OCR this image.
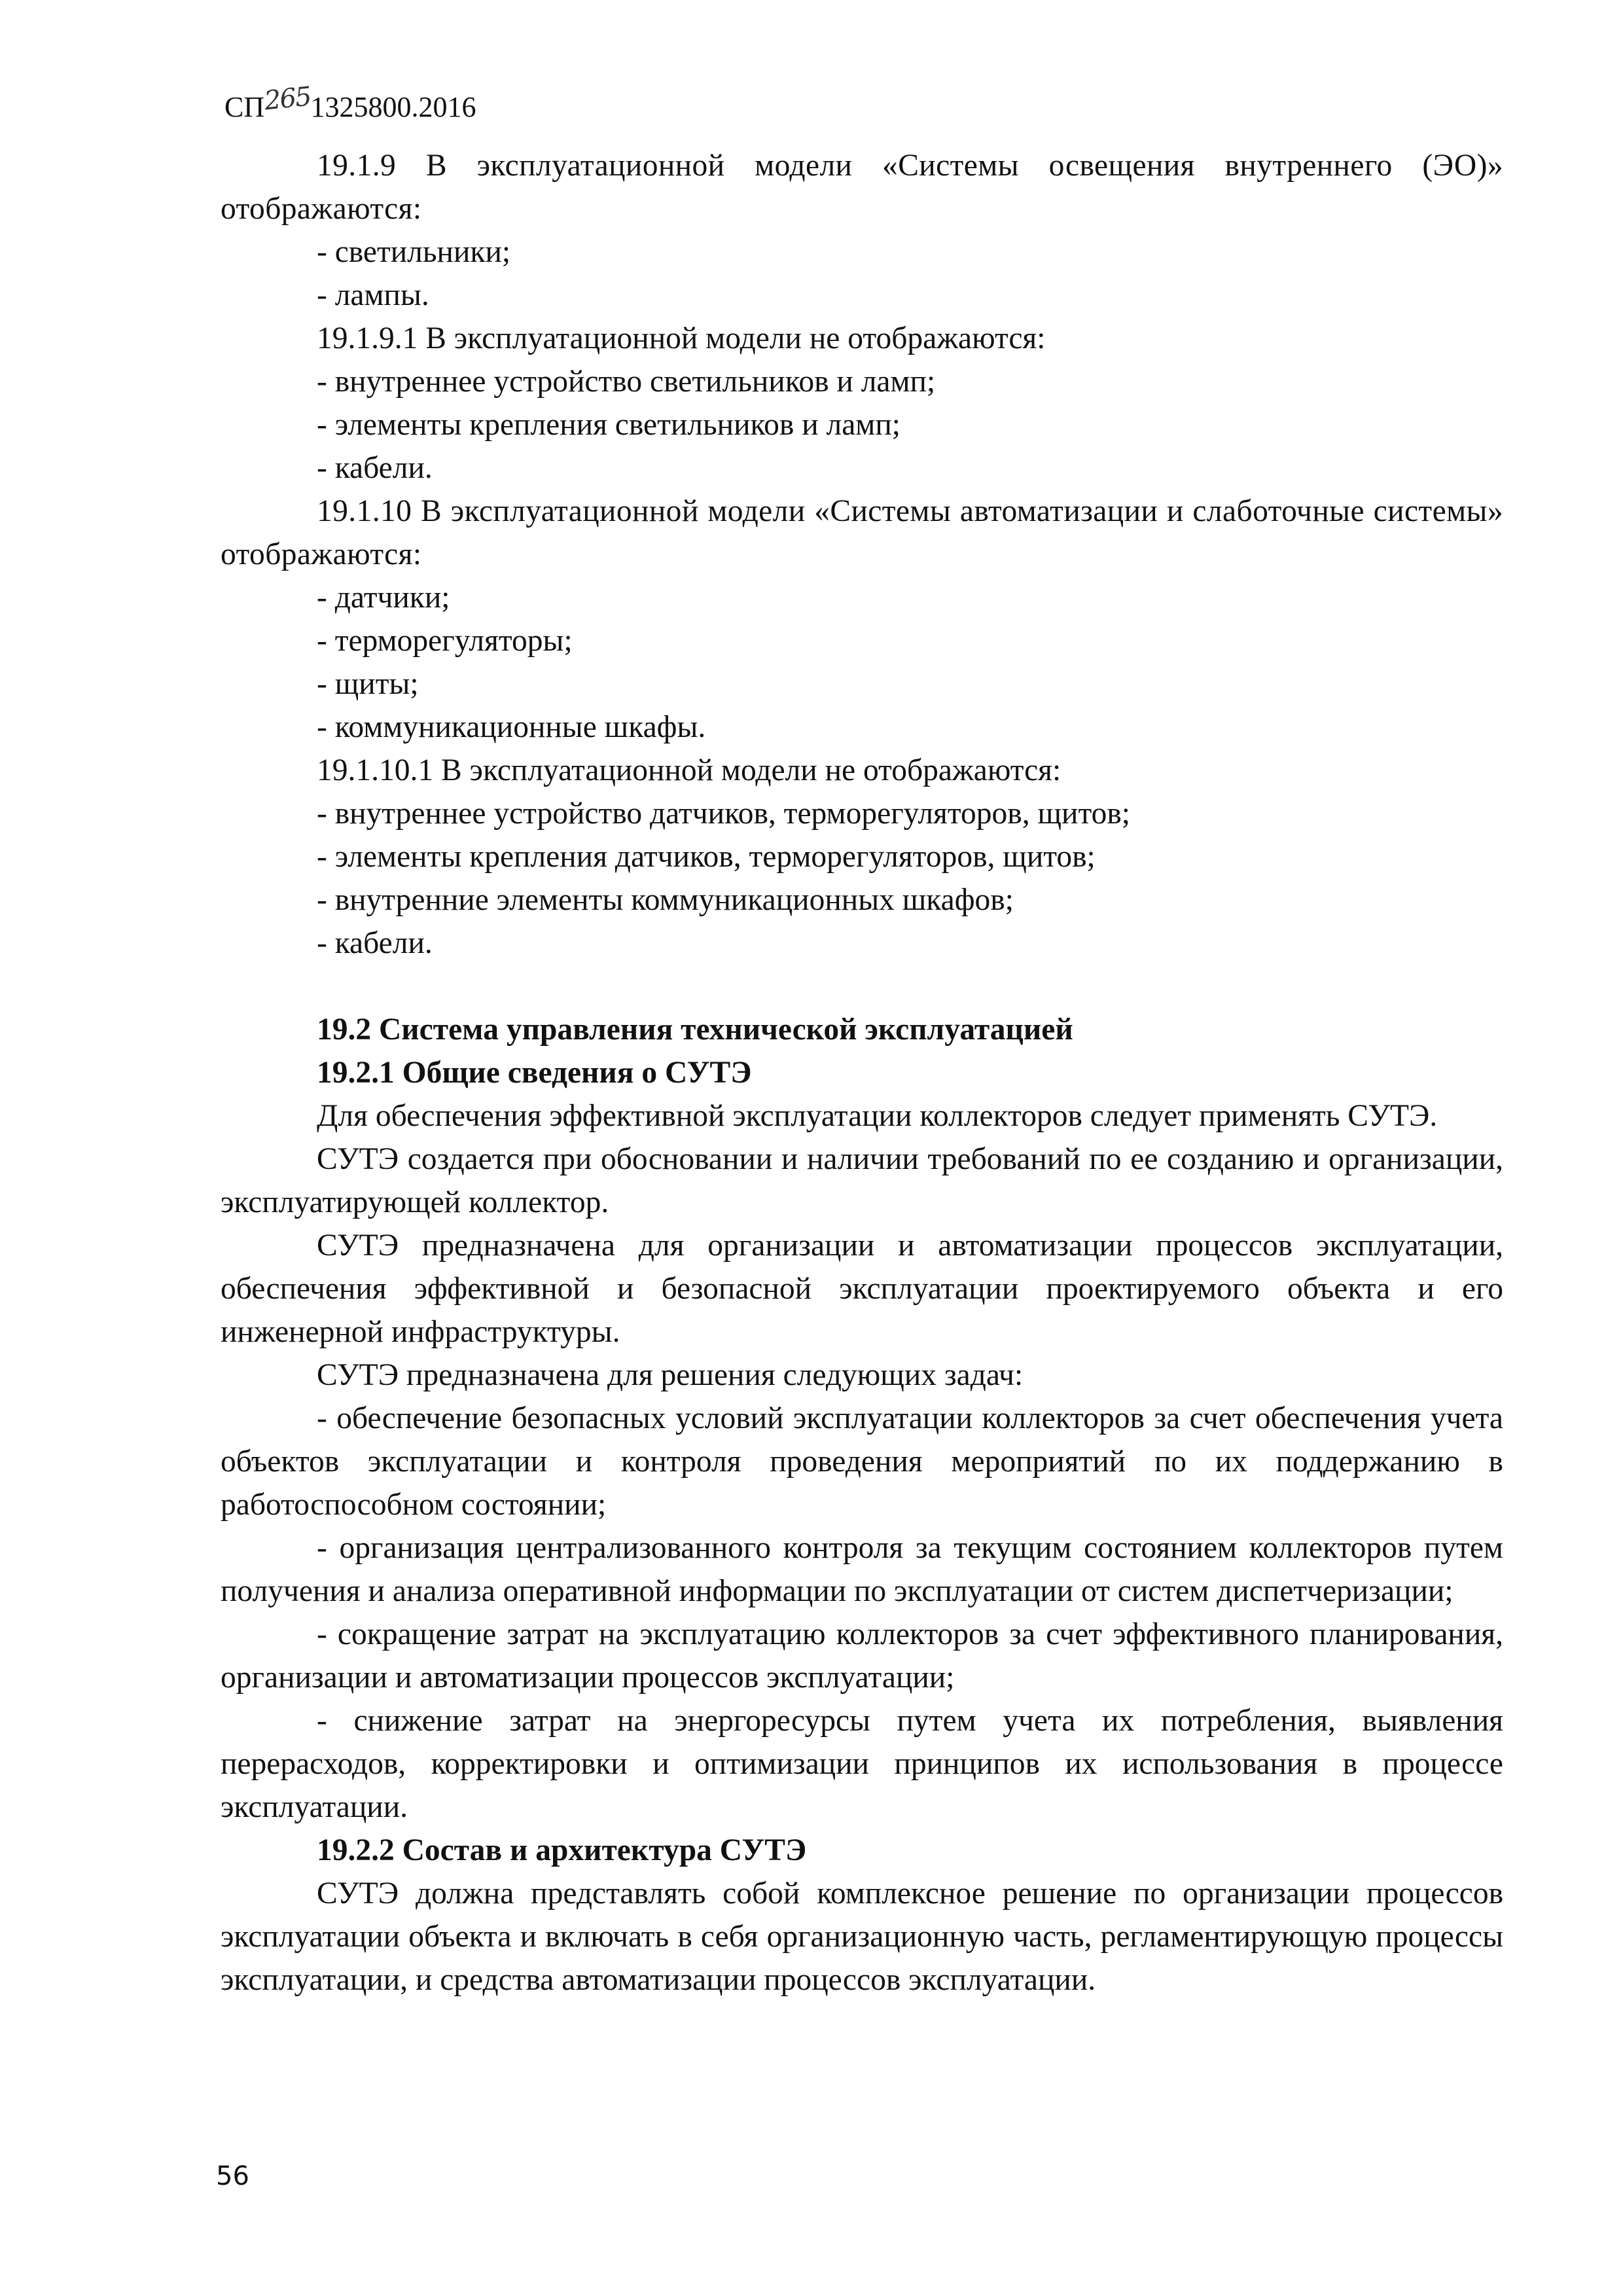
СП2651325800.2016

19.1.9 В эксплуатационной модели «Системы освещения внутреннего (ЭО)» отображаются:

- светильники;

- лампы.

19.1.9.1 В эксплуатационной модели не отображаются:

- внутреннее устройство светильников и ламп;

- элементы крепления светильников и ламп;

- кабели.

19.1.10 В эксплуатационной модели «Системы автоматизации и слаботочные системы» отображаются:

- датчики;

- терморегуляторы;

- щиты;

- коммуникационные шкафы.

19.1.10.1 В эксплуатационной модели не отображаются:

- внутреннее устройство датчиков, терморегуляторов, щитов;

- элементы крепления датчиков, терморегуляторов, щитов;

- внутренние элементы коммуникационных шкафов;

- кабели.

19.2 Система управления технической эксплуатацией

19.2.1 Общие сведения о СУТЭ

Для обеспечения эффективной эксплуатации коллекторов следует применять СУТЭ.

СУТЭ создается при обосновании и наличии требований по ее созданию и организации, эксплуатирующей коллектор.

СУТЭ предназначена для организации и автоматизации процессов эксплуатации, обеспечения эффективной и безопасной эксплуатации проектируемого объекта и его инженерной инфраструктуры.

СУТЭ предназначена для решения следующих задач:

- обеспечение безопасных условий эксплуатации коллекторов за счет обеспечения учета объектов эксплуатации и контроля проведения мероприятий по их поддержанию в работоспособном состоянии;

- организация централизованного контроля за текущим состоянием коллекторов путем получения и анализа оперативной информации по эксплуатации от систем диспетчеризации;

- сокращение затрат на эксплуатацию коллекторов за счет эффективного планирования, организации и автоматизации процессов эксплуатации;

- снижение затрат на энергоресурсы путем учета их потребления, выявления перерасходов, корректировки и оптимизации принципов их использования в процессе эксплуатации.

19.2.2 Состав и архитектура СУТЭ

СУТЭ должна представлять собой комплексное решение по организации процессов эксплуатации объекта и включать в себя организационную часть, регламентирующую процессы эксплуатации, и средства автоматизации процессов эксплуатации.

56
